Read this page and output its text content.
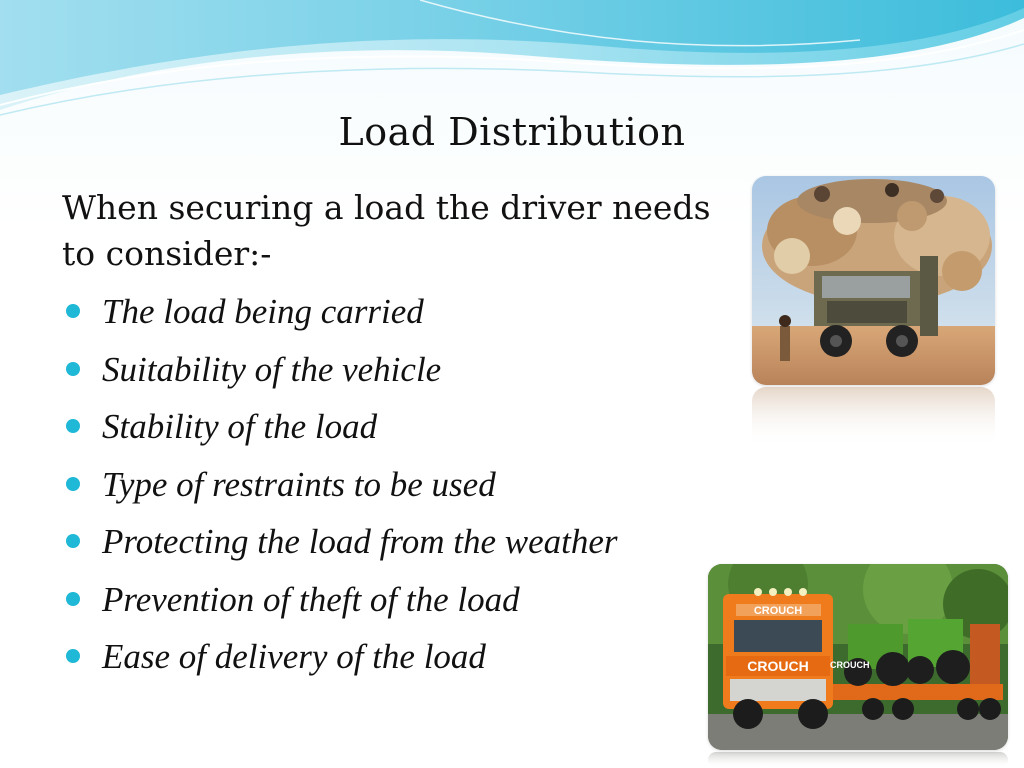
Load Distribution
When securing a load the driver needs to consider:-
The load being carried
Suitability of the vehicle
Stability of the load
Type of restraints to be used
Protecting the load from the weather
Prevention of theft of the load
Ease of delivery of the load
CROUCH
CROUCH CROUCH
